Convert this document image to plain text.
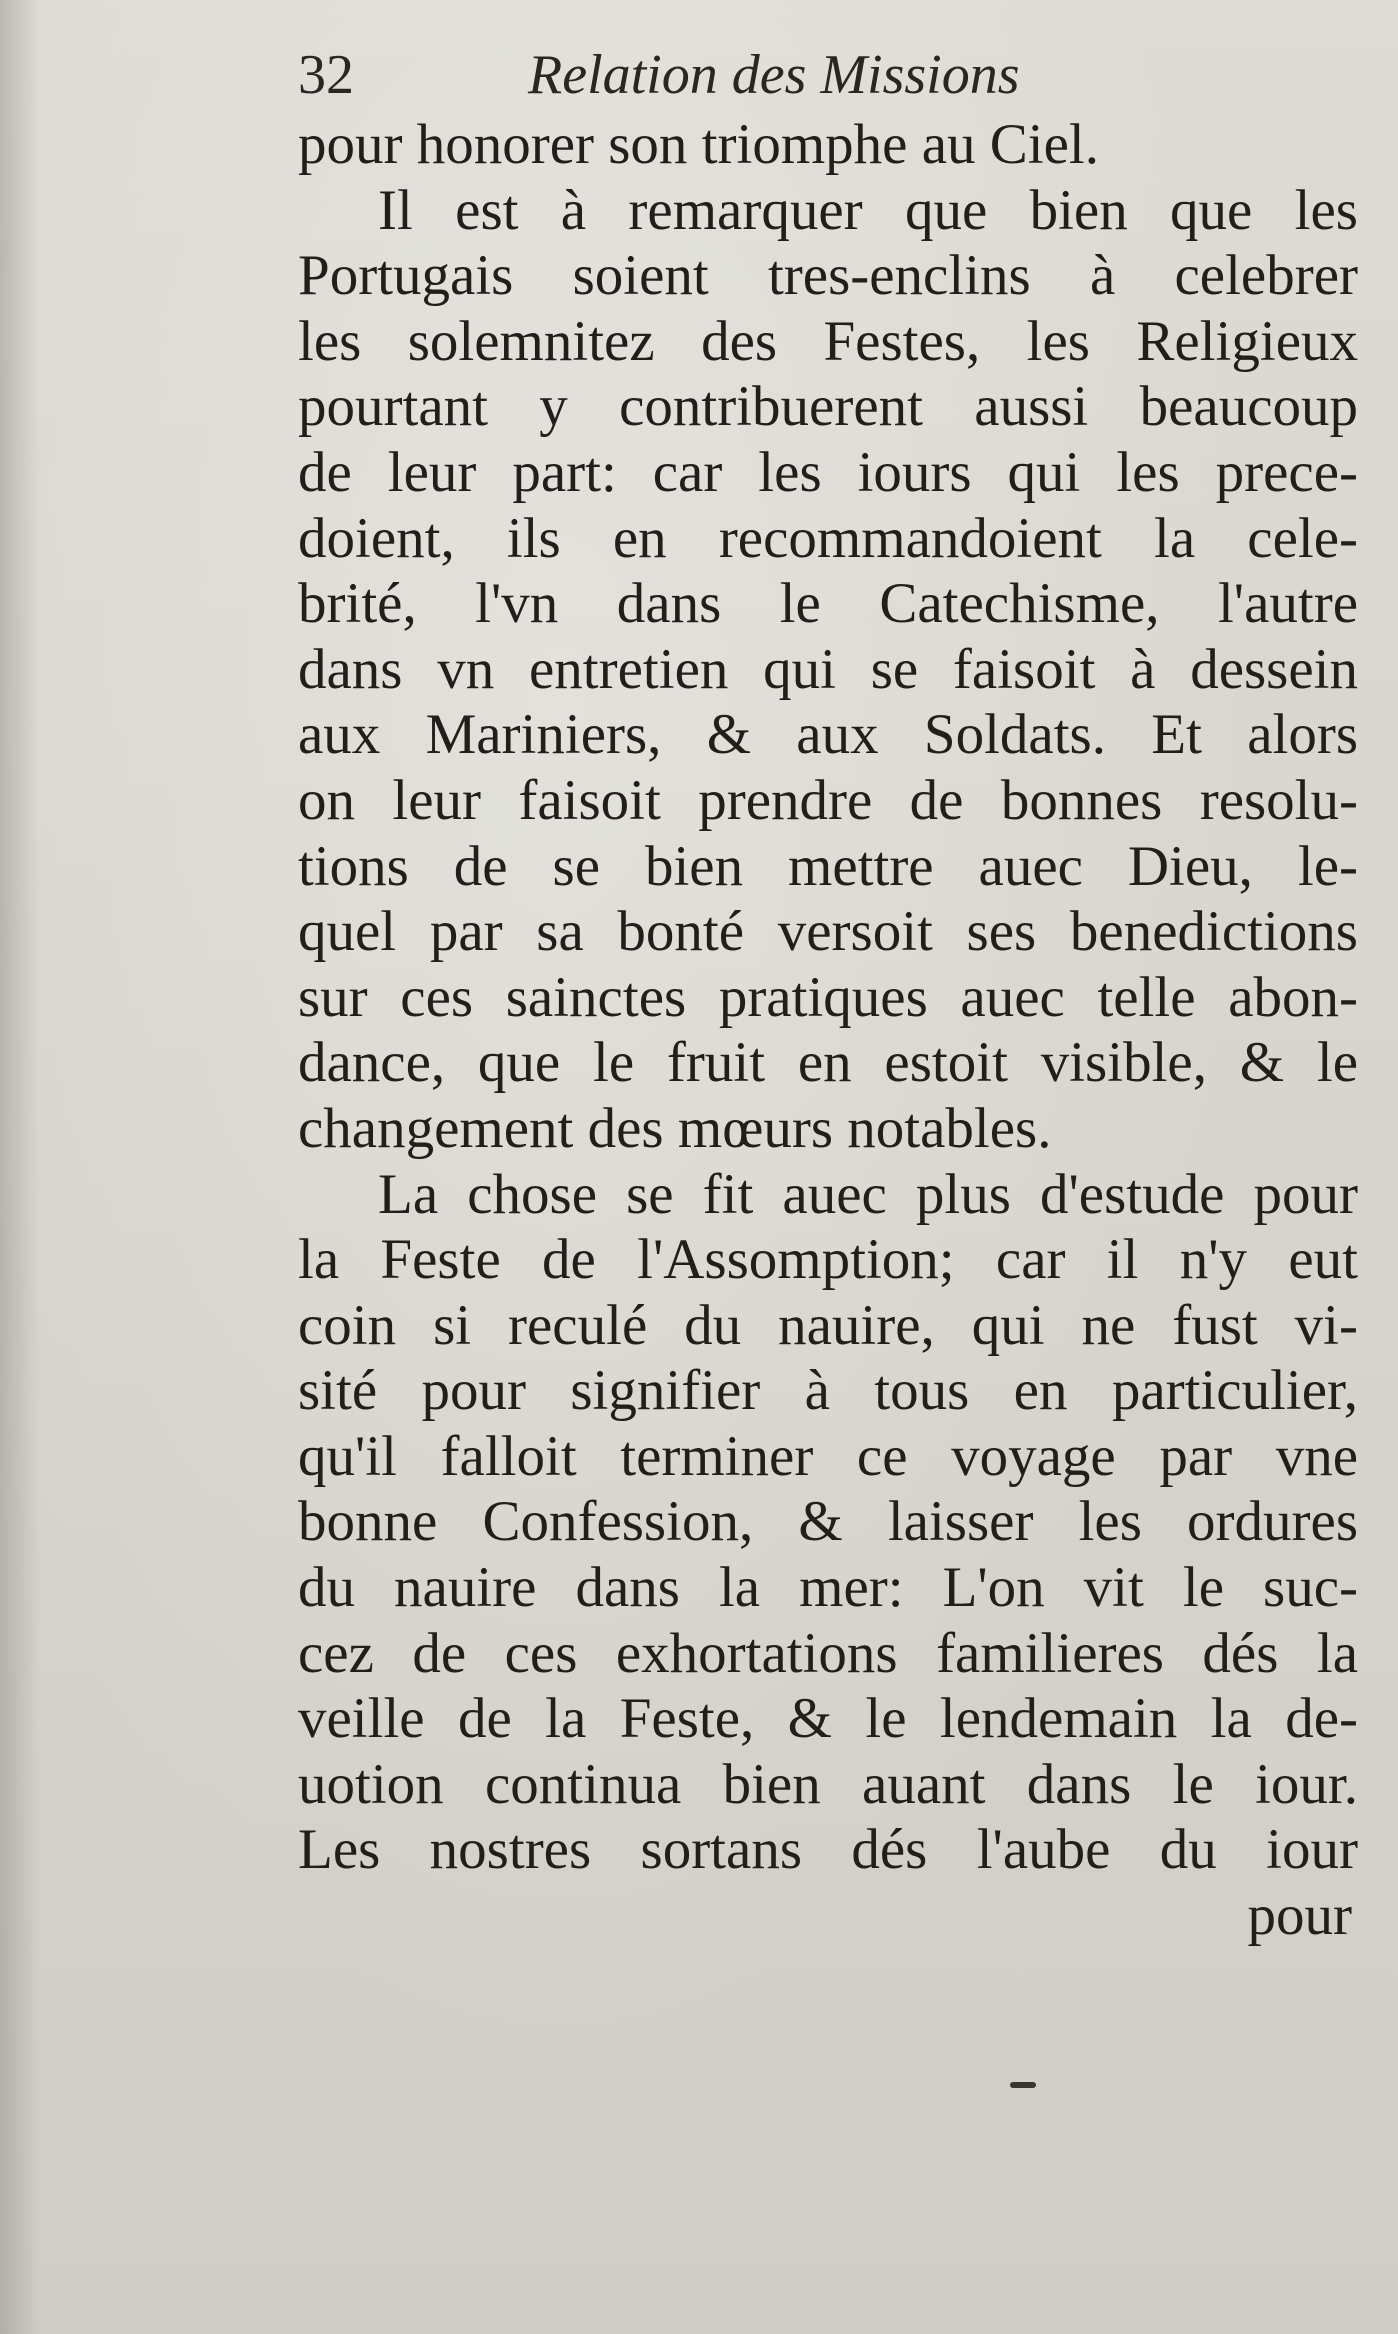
32	Relation des Missions
pour honorer son triomphe au Ciel.
Il est à remarquer que bien que les
Portugais soient tres-enclins à celebrer
les solemnitez des Festes, les Religieux
pourtant y contribuerent aussi beaucoup
de leur part: car les iours qui les prece-
doient, ils en recommandoient la cele-
brité, l'vn dans le Catechisme, l'autre
dans vn entretien qui se faisoit à dessein
aux Mariniers, & aux Soldats. Et alors
on leur faisoit prendre de bonnes resolu-
tions de se bien mettre auec Dieu, le-
quel par sa bonté versoit ses benedictions
sur ces sainctes pratiques auec telle abon-
dance, que le fruit en estoit visible, & le
changement des mœurs notables.
La chose se fit auec plus d'estude pour
la Feste de l'Assomption; car il n'y eut
coin si reculé du nauire, qui ne fust vi-
sité pour signifier à tous en particulier,
qu'il falloit terminer ce voyage par vne
bonne Confession, & laisser les ordures
du nauire dans la mer: L'on vit le suc-
cez de ces exhortations familieres dés la
veille de la Feste, & le lendemain la de-
uotion continua bien auant dans le iour.
Les nostres sortans dés l'aube du iour
pour
